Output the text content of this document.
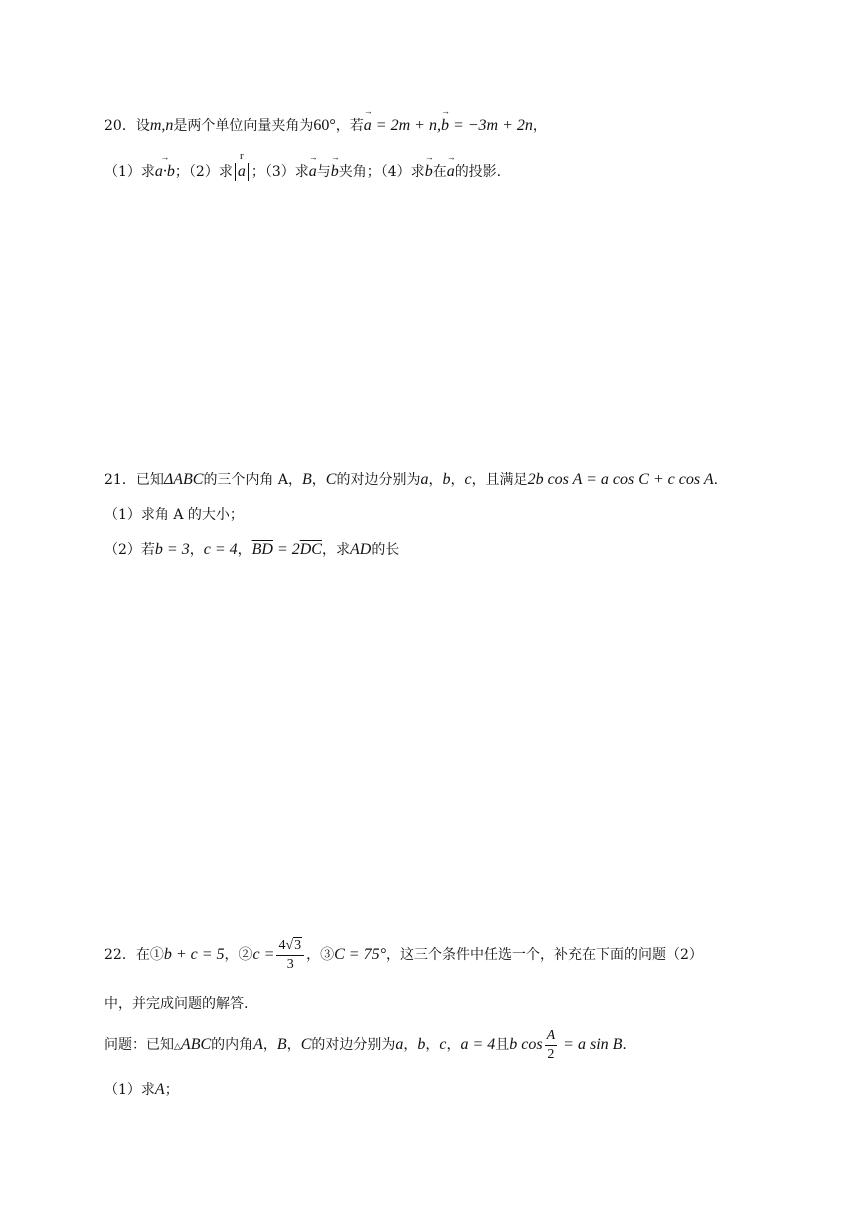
20．设m,n是两个单位向量夹角为60°，若→ a = 2m + n,→ b = −3m + 2n，
（1）求→ a·b；（2）求
r
a ；（3）求→ a与→ b夹角；（4）求→ b在→ a的投影.
21．已知ΔABC的三个内角 A，B，C的对边分别为a，b，c，且满足2b cos A = a cos C + c cos A.
（1）求角 A 的大小；
（2）若b = 3，c = 4，$\overline{BD} = 2\overline{DC}$，求AD的长
22．在①b + c = 5，②c = $\frac{4√3}{3}$ ，③C = 75°，这三个条件中任选一个，补充在下面的问题（2）
中，并完成问题的解答.
问题：已知△ABC的内角A，B，C的对边分别为a，b，c，a = 4且b $\cos \frac{A}{2} = a$ sin B.
（1）求A；
